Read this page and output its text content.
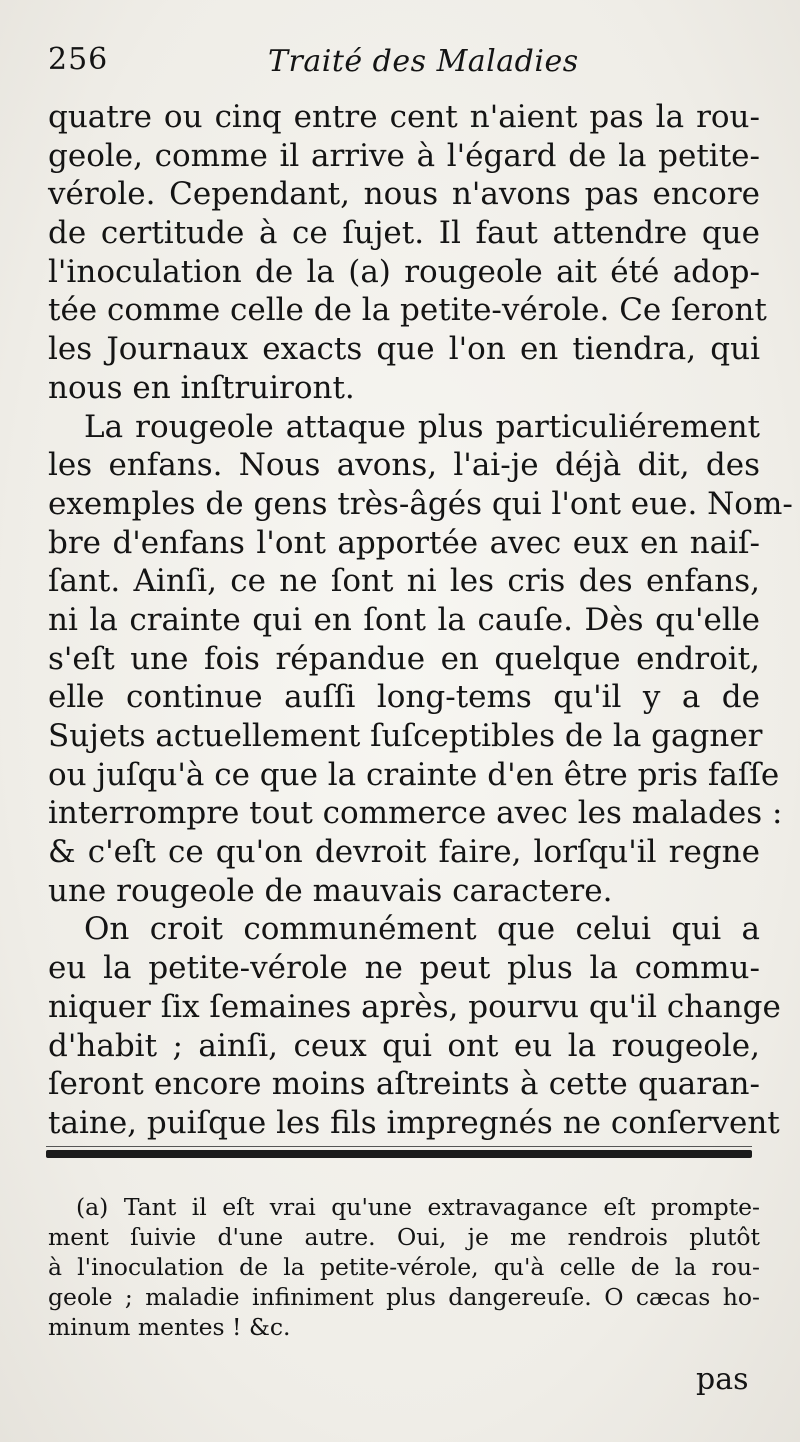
256	Traité des Maladies
quatre ou cinq entre cent n'aient pas la rou-
geole, comme il arrive à l'égard de la petite-
vérole. Cependant, nous n'avons pas encore
de certitude à ce ſujet. Il faut attendre que
l'inoculation de la (a) rougeole ait été adop-
tée comme celle de la petite-vérole. Ce ſeront
les Journaux exacts que l'on en tiendra, qui
nous en inſtruiront.
La rougeole attaque plus particuliérement
les enfans. Nous avons, l'ai-je déjà dit, des
exemples de gens très-âgés qui l'ont eue. Nom-
bre d'enfans l'ont apportée avec eux en naiſ-
ſant. Ainſi, ce ne ſont ni les cris des enfans,
ni la crainte qui en ſont la cauſe. Dès qu'elle
s'eſt une fois répandue en quelque endroit,
elle continue auſſi long-tems qu'il y a de
Sujets actuellement ſuſceptibles de la gagner
ou juſqu'à ce que la crainte d'en être pris faſſe
interrompre tout commerce avec les malades :
& c'eſt ce qu'on devroit faire, lorſqu'il regne
une rougeole de mauvais caractere.
On croit communément que celui qui a
eu la petite-vérole ne peut plus la commu-
niquer ſix ſemaines après, pourvu qu'il change
d'habit ; ainſi, ceux qui ont eu la rougeole,
ſeront encore moins aſtreints à cette quaran-
taine, puiſque les fils impregnés ne conſervent
(a) Tant il eſt vrai qu'une extravagance eſt prompte-
ment ſuivie d'une autre. Oui, je me rendrois plutôt
à l'inoculation de la petite-vérole, qu'à celle de la rou-
geole ; maladie infiniment plus dangereuſe. O cæcas ho-
minum mentes ! &c.
pas
